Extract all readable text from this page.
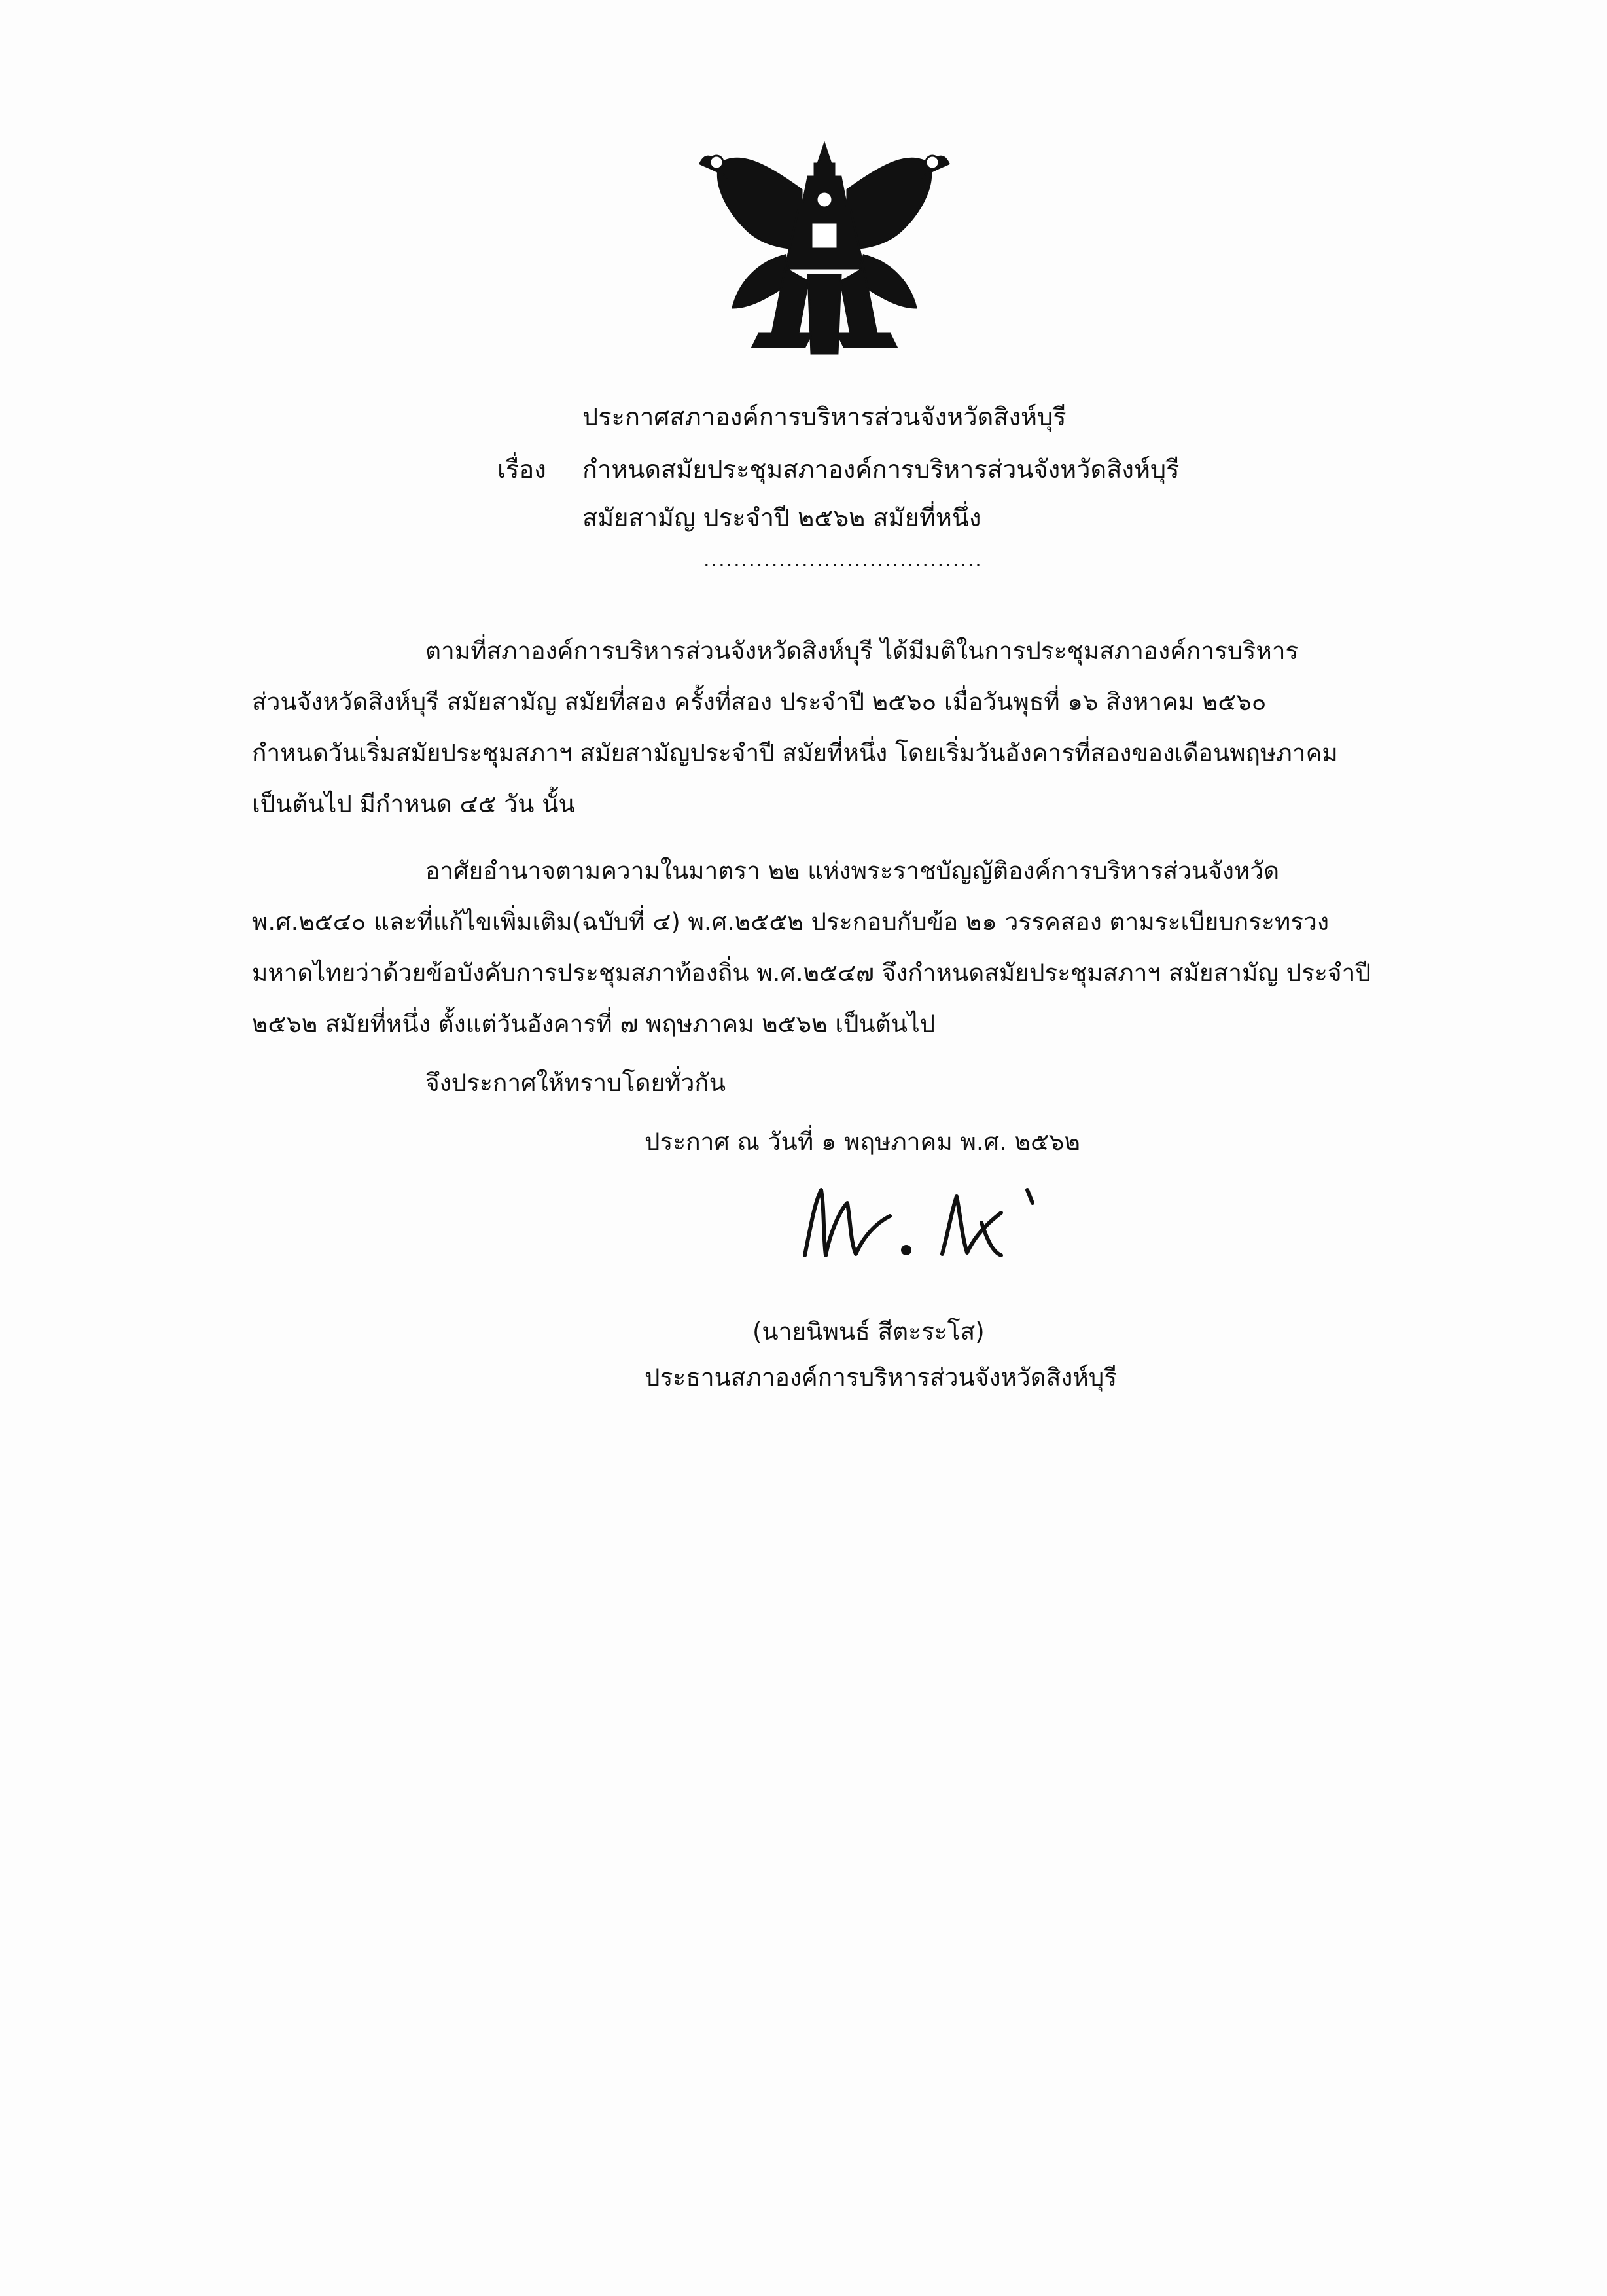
ประกาศสภาองค์การบริหารส่วนจังหวัดสิงห์บุรี
เรื่อง กำหนดสมัยประชุมสภาองค์การบริหารส่วนจังหวัดสิงห์บุรี
สมัยสามัญ ประจำปี ๒๕๖๒ สมัยที่หนึ่ง
.....................................
ตามที่สภาองค์การบริหารส่วนจังหวัดสิงห์บุรี ได้มีมติในการประชุมสภาองค์การบริหาร
ส่วนจังหวัดสิงห์บุรี สมัยสามัญ สมัยที่สอง ครั้งที่สอง ประจำปี ๒๕๖๐ เมื่อวันพุธที่ ๑๖ สิงหาคม ๒๕๖๐
กำหนดวันเริ่มสมัยประชุมสภาฯ สมัยสามัญประจำปี สมัยที่หนึ่ง โดยเริ่มวันอังคารที่สองของเดือนพฤษภาคม
เป็นต้นไป มีกำหนด ๔๕ วัน นั้น
อาศัยอำนาจตามความในมาตรา ๒๒ แห่งพระราชบัญญัติองค์การบริหารส่วนจังหวัด
พ.ศ.๒๕๔๐ และที่แก้ไขเพิ่มเติม(ฉบับที่ ๔) พ.ศ.๒๕๕๒ ประกอบกับข้อ ๒๑ วรรคสอง ตามระเบียบกระทรวง
มหาดไทยว่าด้วยข้อบังคับการประชุมสภาท้องถิ่น พ.ศ.๒๕๔๗ จึงกำหนดสมัยประชุมสภาฯ สมัยสามัญ ประจำปี
๒๕๖๒ สมัยที่หนึ่ง ตั้งแต่วันอังคารที่ ๗ พฤษภาคม ๒๕๖๒ เป็นต้นไป
จึงประกาศให้ทราบโดยทั่วกัน
ประกาศ ณ วันที่ ๑ พฤษภาคม พ.ศ. ๒๕๖๒
(นายนิพนธ์ สีตะระโส)
ประธานสภาองค์การบริหารส่วนจังหวัดสิงห์บุรี
